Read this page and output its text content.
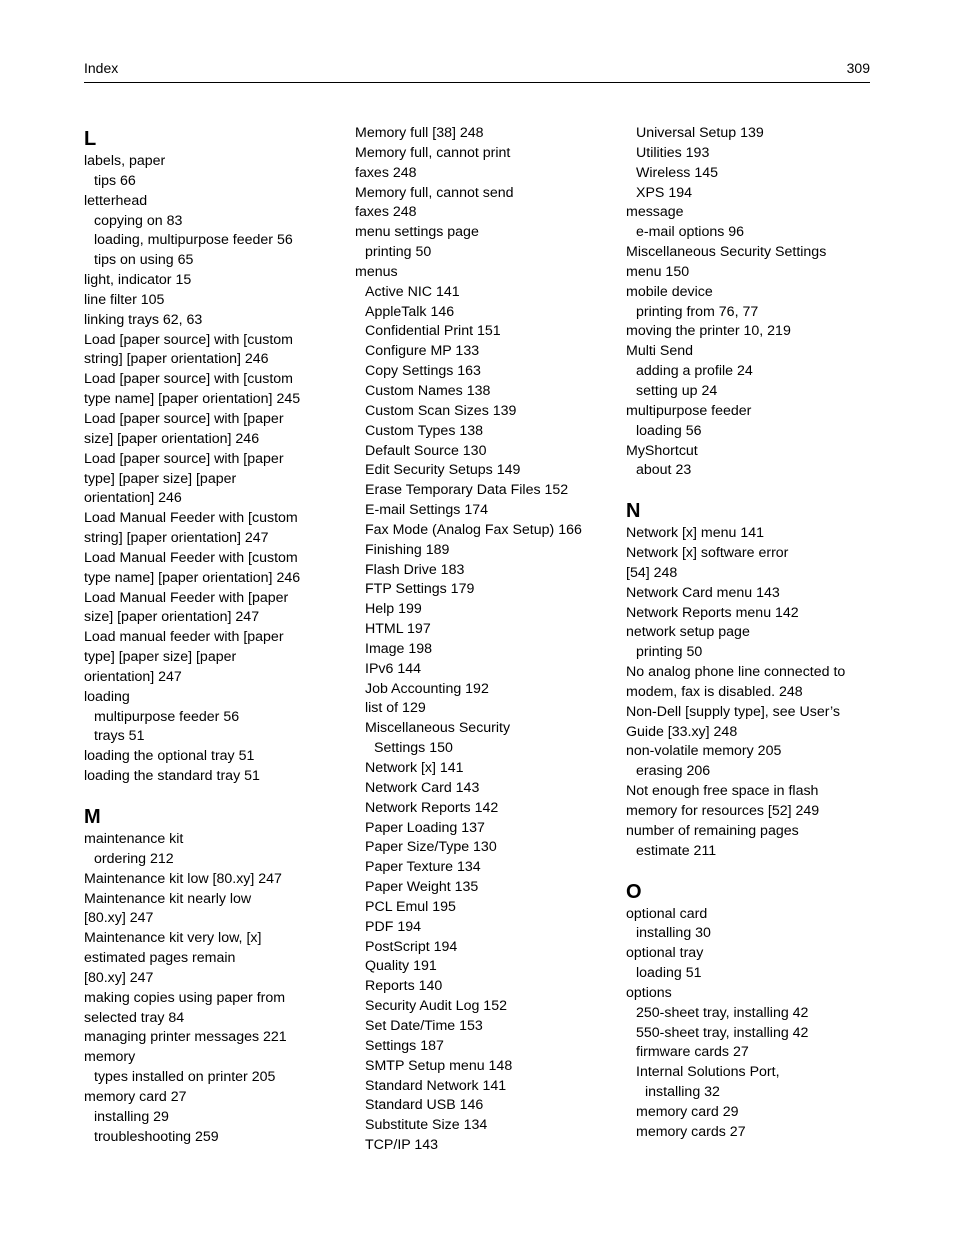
Index	309
L
labels, paper
tips 66
letterhead
copying on 83
loading, multipurpose feeder 56
tips on using 65
light, indicator 15
line filter 105
linking trays 62, 63
Load [paper source] with [custom
string] [paper orientation] 246
Load [paper source] with [custom
type name] [paper orientation] 245
Load [paper source] with [paper
size] [paper orientation] 246
Load [paper source] with [paper
type] [paper size] [paper
orientation] 246
Load Manual Feeder with [custom
string] [paper orientation] 247
Load Manual Feeder with [custom
type name] [paper orientation] 246
Load Manual Feeder with [paper
size] [paper orientation] 247
Load manual feeder with [paper
type] [paper size] [paper
orientation] 247
loading
multipurpose feeder 56
trays 51
loading the optional tray 51
loading the standard tray 51
M
maintenance kit
ordering 212
Maintenance kit low [80.xy] 247
Maintenance kit nearly low
[80.xy] 247
Maintenance kit very low, [x]
estimated pages remain
[80.xy] 247
making copies using paper from
selected tray 84
managing printer messages 221
memory
types installed on printer 205
memory card 27
installing 29
troubleshooting 259
Memory full [38] 248
Memory full, cannot print
faxes 248
Memory full, cannot send
faxes 248
menu settings page
printing 50
menus
Active NIC 141
AppleTalk 146
Confidential Print 151
Configure MP 133
Copy Settings 163
Custom Names 138
Custom Scan Sizes 139
Custom Types 138
Default Source 130
Edit Security Setups 149
Erase Temporary Data Files 152
E-mail Settings 174
Fax Mode (Analog Fax Setup) 166
Finishing 189
Flash Drive 183
FTP Settings 179
Help 199
HTML 197
Image 198
IPv6 144
Job Accounting 192
list of 129
Miscellaneous Security
Settings 150
Network [x] 141
Network Card 143
Network Reports 142
Paper Loading 137
Paper Size/Type 130
Paper Texture 134
Paper Weight 135
PCL Emul 195
PDF 194
PostScript 194
Quality 191
Reports 140
Security Audit Log 152
Set Date/Time 153
Settings 187
SMTP Setup menu 148
Standard Network 141
Standard USB 146
Substitute Size 134
TCP/IP 143
Universal Setup 139
Utilities 193
Wireless 145
XPS 194
message
e-mail options 96
Miscellaneous Security Settings
menu 150
mobile device
printing from 76, 77
moving the printer 10, 219
Multi Send
adding a profile 24
setting up 24
multipurpose feeder
loading 56
MyShortcut
about 23
N
Network [x] menu 141
Network [x] software error
[54] 248
Network Card menu 143
Network Reports menu 142
network setup page
printing 50
No analog phone line connected to
modem, fax is disabled. 248
Non-Dell [supply type], see User’s
Guide [33.xy] 248
non-volatile memory 205
erasing 206
Not enough free space in flash
memory for resources [52] 249
number of remaining pages
estimate 211
O
optional card
installing 30
optional tray
loading 51
options
250-sheet tray, installing 42
550-sheet tray, installing 42
firmware cards 27
Internal Solutions Port,
installing 32
memory card 29
memory cards 27
